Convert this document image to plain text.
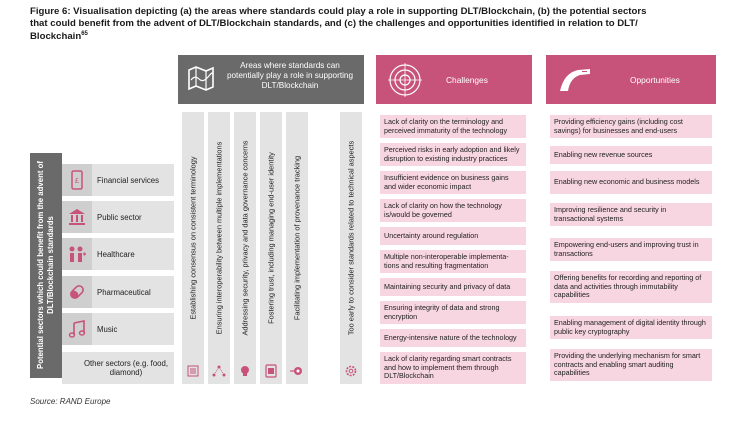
Figure 6: Visualisation depicting (a) the areas where standards could play a role in supporting DLT/Blockchain, (b) the potential sectors
that could benefit from the advent of DLT/Blockchain standards, and (c) the challenges and opportunities identified in relation to DLT/
Blockchain$^{65}$
Areas where standards can potentially play a role in supporting DLT/Blockchain
Potential sectors which could benefit from the advent of DLT/Blockchain standards
£ Financial services
Public sector
Healthcare
Pharmaceutical
Music
Other sectors (e.g. food, diamond)
Establishing consensus on consistent terminology Ensuring interoperability between multiple implementations Addressing security, privacy and data governance concerns Fostering trust, including managing end-user identity Facilitating implementation of provenance tracking	Too early to consider standards related to technical aspects
Challenges	Opportunities
Lack of clarity on the terminology and perceived immaturity of the technology
Perceived risks in early adoption and likely disruption to existing industry practices
Insufficient evidence on business gains and wider economic impact
Lack of clarity on how the technology is/would be governed
Uncertainty around regulation
Multiple non-interoperable implementa-tions and resulting fragmentation
Maintaining security and privacy of data
Ensuring integrity of data and strong encryption
Energy-intensive nature of the technology
Lack of clarity regarding smart contracts and how to implement them through DLT/Blockchain
Providing efficiency gains (including cost savings) for businesses and end-users
Enabling new revenue sources
Enabling new economic and business models
Improving resilience and security in transactional systems
Empowering end-users and improving trust in transactions
Offering benefits for recording and reporting of data and activities through immutability capabilities
Enabling management of digital identity through public key cryptography
Providing the underlying mechanism for smart contracts and enabling smart auditing capabilities
Source: RAND Europe
